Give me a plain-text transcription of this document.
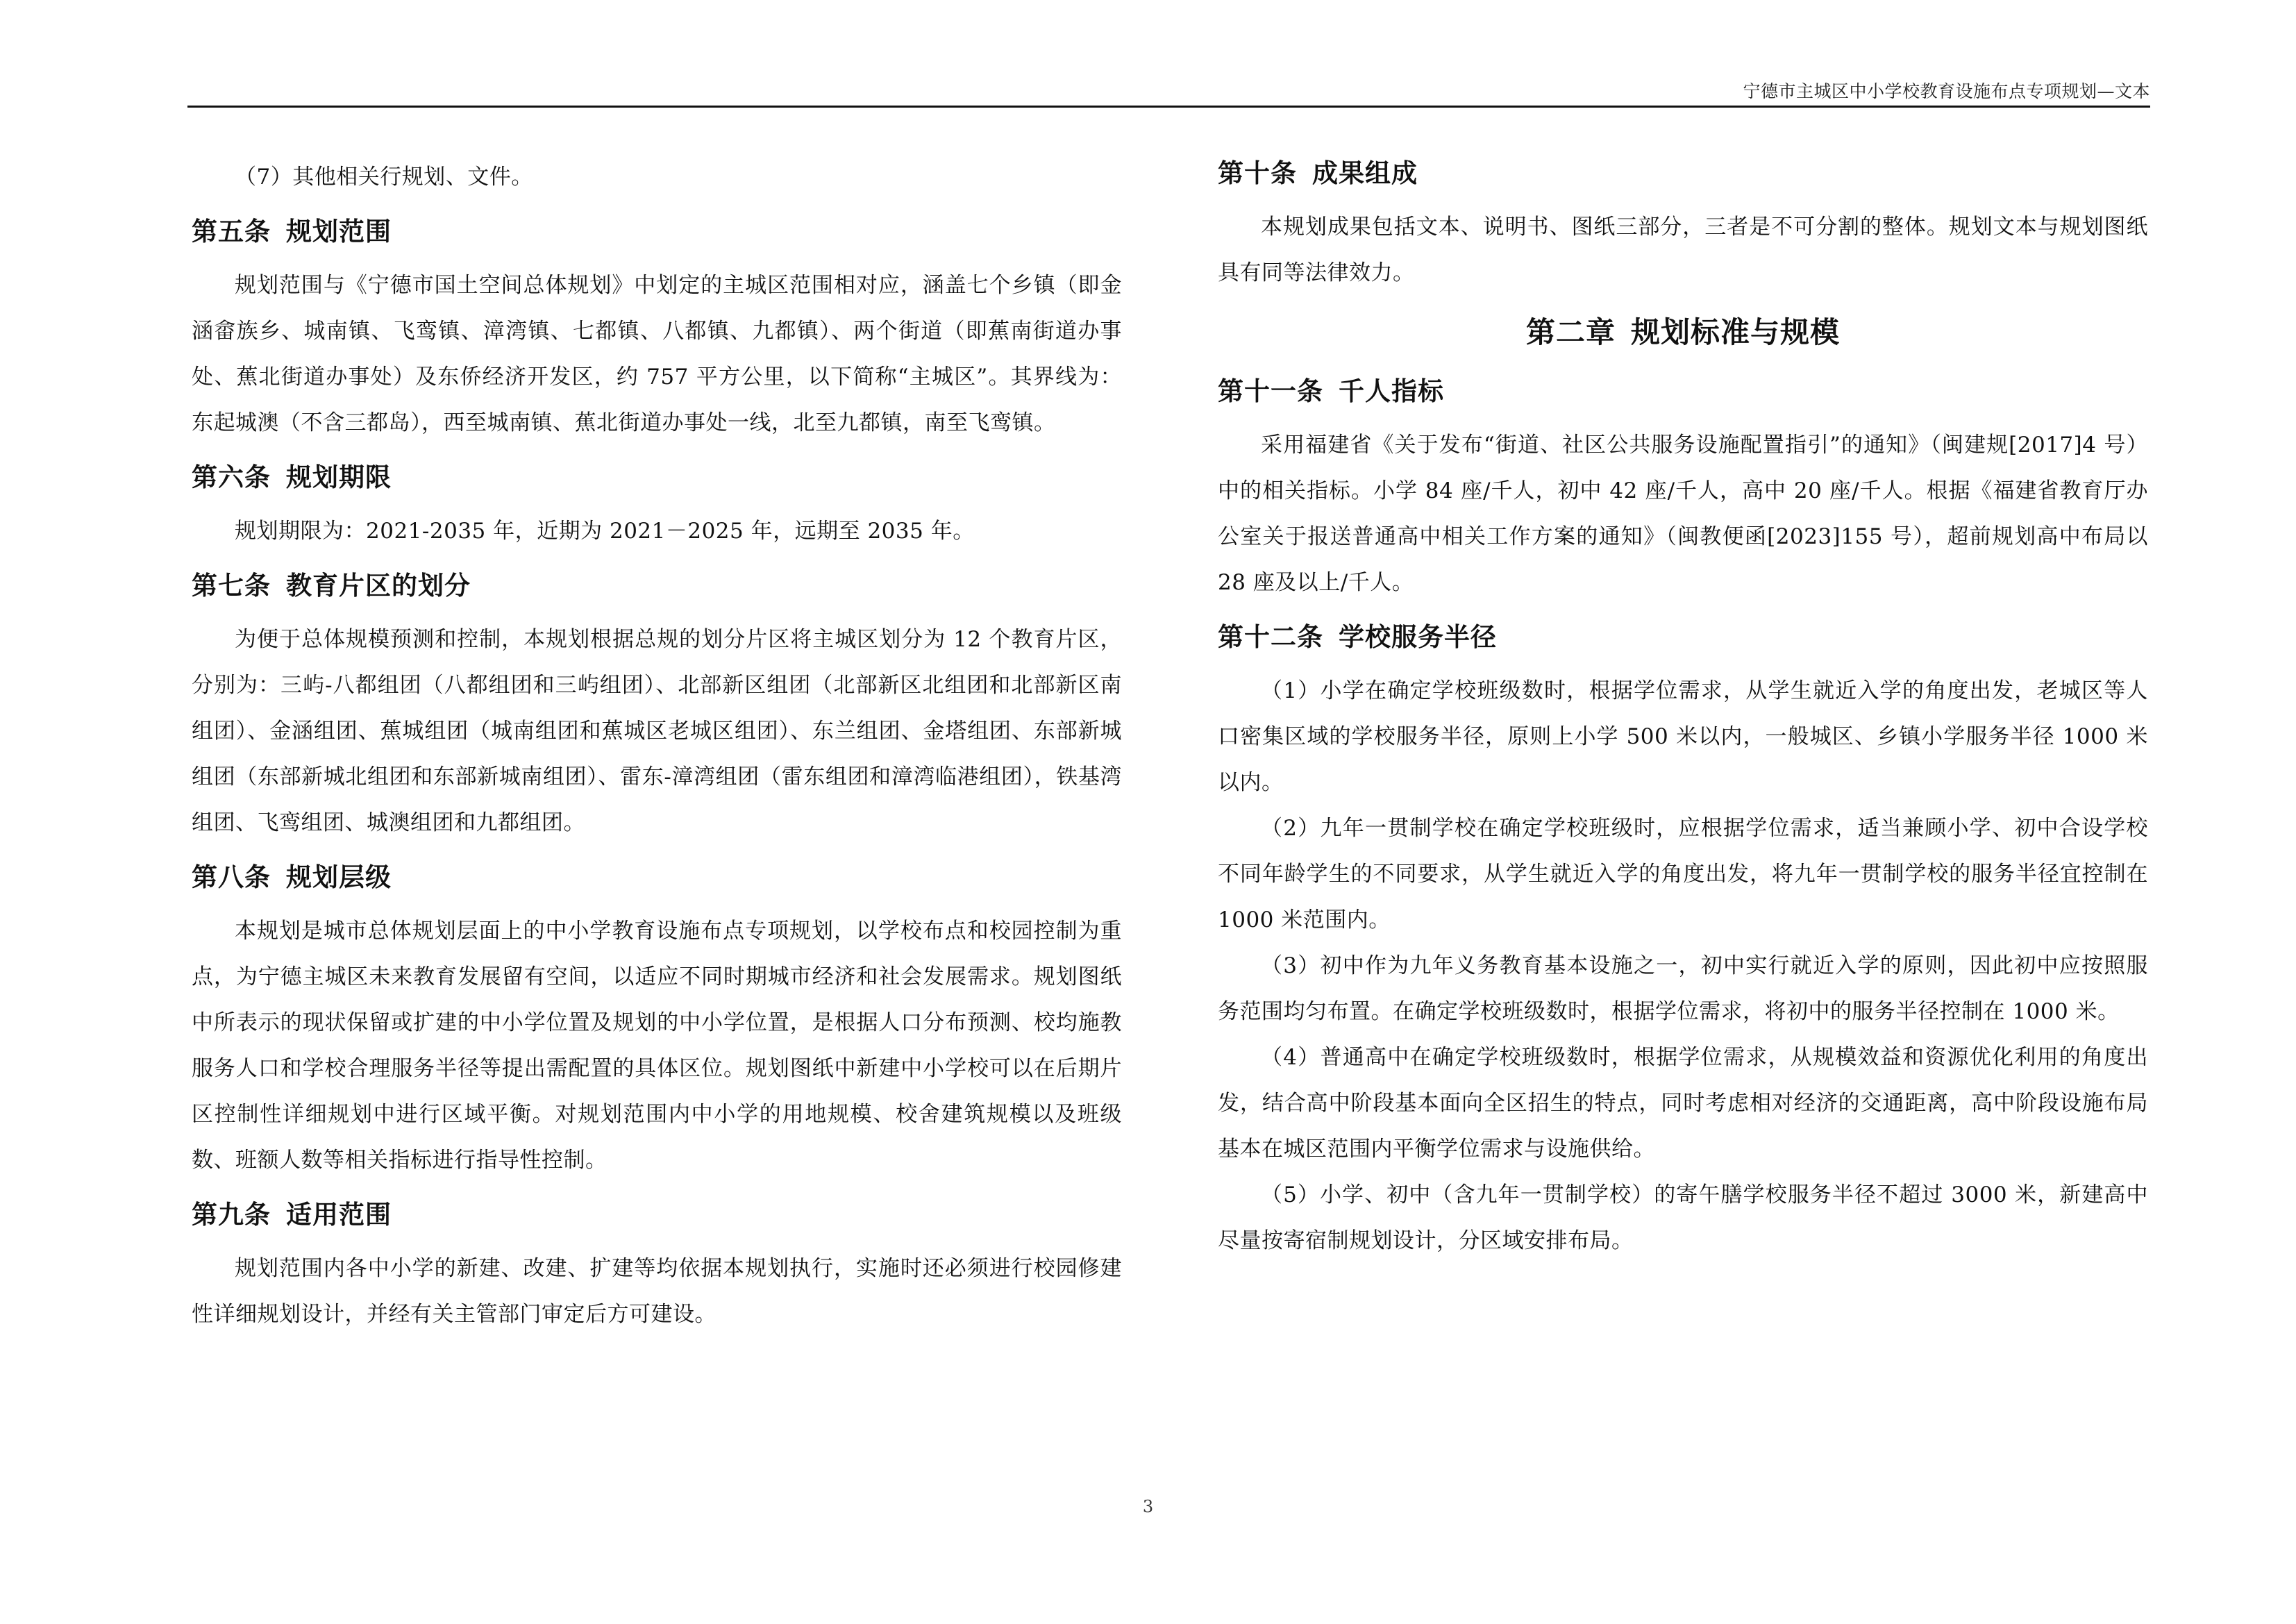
宁德市主城区中小学校教育设施布点专项规划—文本

（7）其他相关行规划、文件。

第五条 规划范围

规划范围与《宁德市国土空间总体规划》中划定的主城区范围相对应，涵盖七个乡镇（即金涵畲族乡、城南镇、飞鸾镇、漳湾镇、七都镇、八都镇、九都镇）、两个街道（即蕉南街道办事处、蕉北街道办事处）及东侨经济开发区，约 757 平方公里，以下简称“主城区”。其界线为：东起城澳（不含三都岛），西至城南镇、蕉北街道办事处一线，北至九都镇，南至飞鸾镇。

第六条 规划期限

规划期限为：2021-2035 年，近期为 2021－2025 年，远期至 2035 年。

第七条 教育片区的划分

为便于总体规模预测和控制，本规划根据总规的划分片区将主城区划分为 12 个教育片区，分别为：三屿-八都组团（八都组团和三屿组团）、北部新区组团（北部新区北组团和北部新区南组团）、金涵组团、蕉城组团（城南组团和蕉城区老城区组团）、东兰组团、金塔组团、东部新城组团（东部新城北组团和东部新城南组团）、雷东-漳湾组团（雷东组团和漳湾临港组团），铁基湾组团、飞鸾组团、城澳组团和九都组团。

第八条 规划层级

本规划是城市总体规划层面上的中小学教育设施布点专项规划，以学校布点和校园控制为重点，为宁德主城区未来教育发展留有空间，以适应不同时期城市经济和社会发展需求。规划图纸中所表示的现状保留或扩建的中小学位置及规划的中小学位置，是根据人口分布预测、校均施教服务人口和学校合理服务半径等提出需配置的具体区位。规划图纸中新建中小学校可以在后期片区控制性详细规划中进行区域平衡。对规划范围内中小学的用地规模、校舍建筑规模以及班级数、班额人数等相关指标进行指导性控制。

第九条 适用范围

规划范围内各中小学的新建、改建、扩建等均依据本规划执行，实施时还必须进行校园修建性详细规划设计，并经有关主管部门审定后方可建设。

第十条 成果组成

本规划成果包括文本、说明书、图纸三部分，三者是不可分割的整体。规划文本与规划图纸具有同等法律效力。

第二章 规划标准与规模
第十一条 千人指标

采用福建省《关于发布“街道、社区公共服务设施配置指引”的通知》（闽建规[2017]4 号）中的相关指标。小学 84 座/千人，初中 42 座/千人，高中 20 座/千人。根据《福建省教育厅办公室关于报送普通高中相关工作方案的通知》（闽教便函[2023]155 号），超前规划高中布局以 28 座及以上/千人。

第十二条 学校服务半径

（1）小学在确定学校班级数时，根据学位需求，从学生就近入学的角度出发，老城区等人口密集区域的学校服务半径，原则上小学 500 米以内，一般城区、乡镇小学服务半径 1000 米以内。

（2）九年一贯制学校在确定学校班级时，应根据学位需求，适当兼顾小学、初中合设学校不同年龄学生的不同要求，从学生就近入学的角度出发，将九年一贯制学校的服务半径宜控制在 1000 米范围内。

（3）初中作为九年义务教育基本设施之一，初中实行就近入学的原则，因此初中应按照服务范围均匀布置。在确定学校班级数时，根据学位需求，将初中的服务半径控制在 1000 米。

（4）普通高中在确定学校班级数时，根据学位需求，从规模效益和资源优化利用的角度出发，结合高中阶段基本面向全区招生的特点，同时考虑相对经济的交通距离，高中阶段设施布局基本在城区范围内平衡学位需求与设施供给。

（5）小学、初中（含九年一贯制学校）的寄午膳学校服务半径不超过 3000 米，新建高中尽量按寄宿制规划设计，分区域安排布局。

3
